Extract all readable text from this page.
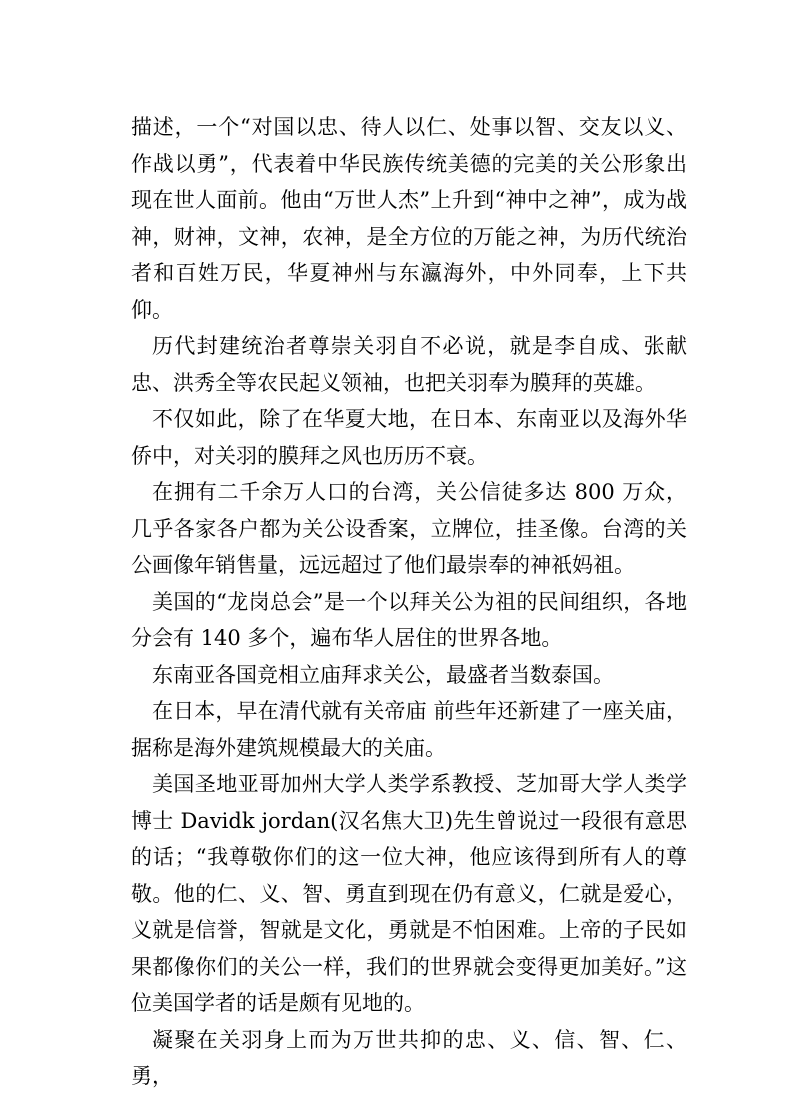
描述，一个“对国以忠、待人以仁、处事以智、交友以义、作战以勇”，代表着中华民族传统美德的完美的关公形象出现在世人面前。他由“万世人杰”上升到“神中之神”，成为战神，财神，文神，农神，是全方位的万能之神，为历代统治者和百姓万民，华夏神州与东瀛海外，中外同奉，上下共仰。

历代封建统治者尊崇关羽自不必说，就是李自成、张献忠、洪秀全等农民起义领袖，也把关羽奉为膜拜的英雄。

不仅如此，除了在华夏大地，在日本、东南亚以及海外华侨中，对关羽的膜拜之风也历历不衰。

在拥有二千余万人口的台湾，关公信徒多达 800 万众，几乎各家各户都为关公设香案，立牌位，挂圣像。台湾的关公画像年销售量，远远超过了他们最崇奉的神祇妈祖。

美国的“龙岗总会”是一个以拜关公为祖的民间组织，各地分会有 140 多个，遍布华人居住的世界各地。

东南亚各国竞相立庙拜求关公，最盛者当数泰国。

在日本，早在清代就有关帝庙 前些年还新建了一座关庙，据称是海外建筑规模最大的关庙。

美国圣地亚哥加州大学人类学系教授、芝加哥大学人类学博士 Davidk jordan(汉名焦大卫)先生曾说过一段很有意思的话；“我尊敬你们的这一位大神，他应该得到所有人的尊敬。他的仁、义、智、勇直到现在仍有意义，仁就是爱心，义就是信誉，智就是文化，勇就是不怕困难。上帝的子民如果都像你们的关公一样，我们的世界就会变得更加美好。”这位美国学者的话是颇有见地的。

凝聚在关羽身上而为万世共抑的忠、义、信、智、仁、勇，
